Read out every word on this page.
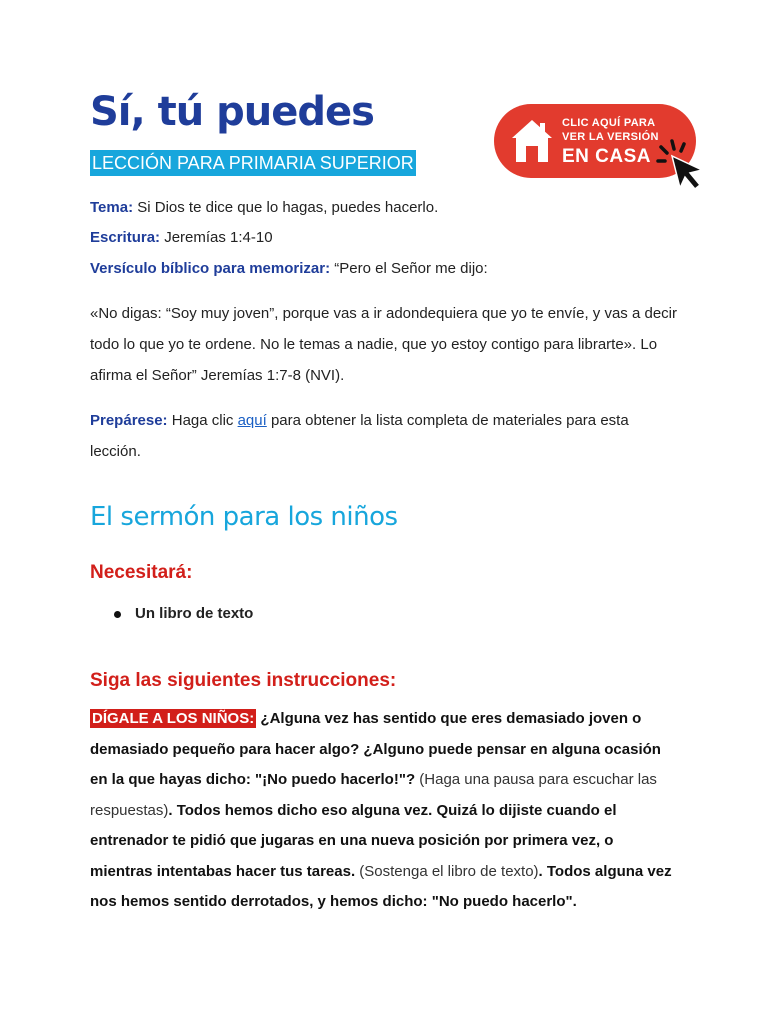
Sí, tú puedes
LECCIÓN PARA PRIMARIA SUPERIOR
CLIC AQUÍ PARA
VER LA VERSIÓN
EN CASA
Tema: Si Dios te dice que lo hagas, puedes hacerlo.
Escritura: Jeremías 1:4-10
Versículo bíblico para memorizar: “Pero el Señor me dijo:
«No digas: “Soy muy joven”, porque vas a ir adondequiera que yo te envíe, y vas a decir todo lo que yo te ordene. No le temas a nadie, que yo estoy contigo para librarte». Lo afirma el Señor” Jeremías 1:7-8 (NVI).
Prepárese: Haga clic aquí para obtener la lista completa de materiales para esta lección.
El sermón para los niños
Necesitará:
Un libro de texto
Siga las siguientes instrucciones:
DÍGALE A LOS NIÑOS: ¿Alguna vez has sentido que eres demasiado joven o demasiado pequeño para hacer algo? ¿Alguno puede pensar en alguna ocasión en la que hayas dicho: "¡No puedo hacerlo!"? (Haga una pausa para escuchar las respuestas). Todos hemos dicho eso alguna vez. Quizá lo dijiste cuando el entrenador te pidió que jugaras en una nueva posición por primera vez, o mientras intentabas hacer tus tareas. (Sostenga el libro de texto). Todos alguna vez nos hemos sentido derrotados, y hemos dicho: "No puedo hacerlo".
